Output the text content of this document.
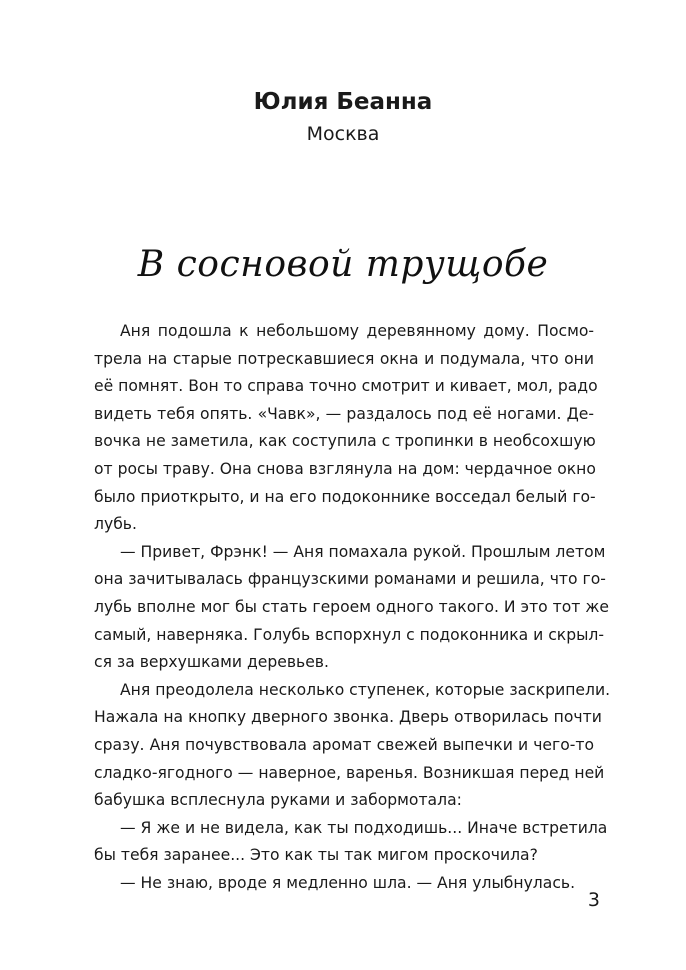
Юлия Беанна
Москва
В сосновой трущобе
Аня подошла к небольшому деревянному дому. Посмо-
трела на старые потрескавшиеся окна и подумала, что они
её помнят. Вон то справа точно смотрит и кивает, мол, радо
видеть тебя опять. «Чавк», — раздалось под её ногами. Де-
вочка не заметила, как соступила с тропинки в необсохшую
от росы траву. Она снова взглянула на дом: чердачное окно
было приоткрыто, и на его подоконнике восседал белый го-
лубь.
— Привет, Фрэнк! — Аня помахала рукой. Прошлым летом
она зачитывалась французскими романами и решила, что го-
лубь вполне мог бы стать героем одного такого. И это тот же
самый, наверняка. Голубь вспорхнул с подоконника и скрыл-
ся за верхушками деревьев.
Аня преодолела несколько ступенек, которые заскрипели.
Нажала на кнопку дверного звонка. Дверь отворилась почти
сразу. Аня почувствовала аромат свежей выпечки и чего-то
сладко-ягодного — наверное, варенья. Возникшая перед ней
бабушка всплеснула руками и забормотала:
— Я же и не видела, как ты подходишь... Иначе встретила
бы тебя заранее... Это как ты так мигом проскочила?
— Не знаю, вроде я медленно шла. — Аня улыбнулась.
3
